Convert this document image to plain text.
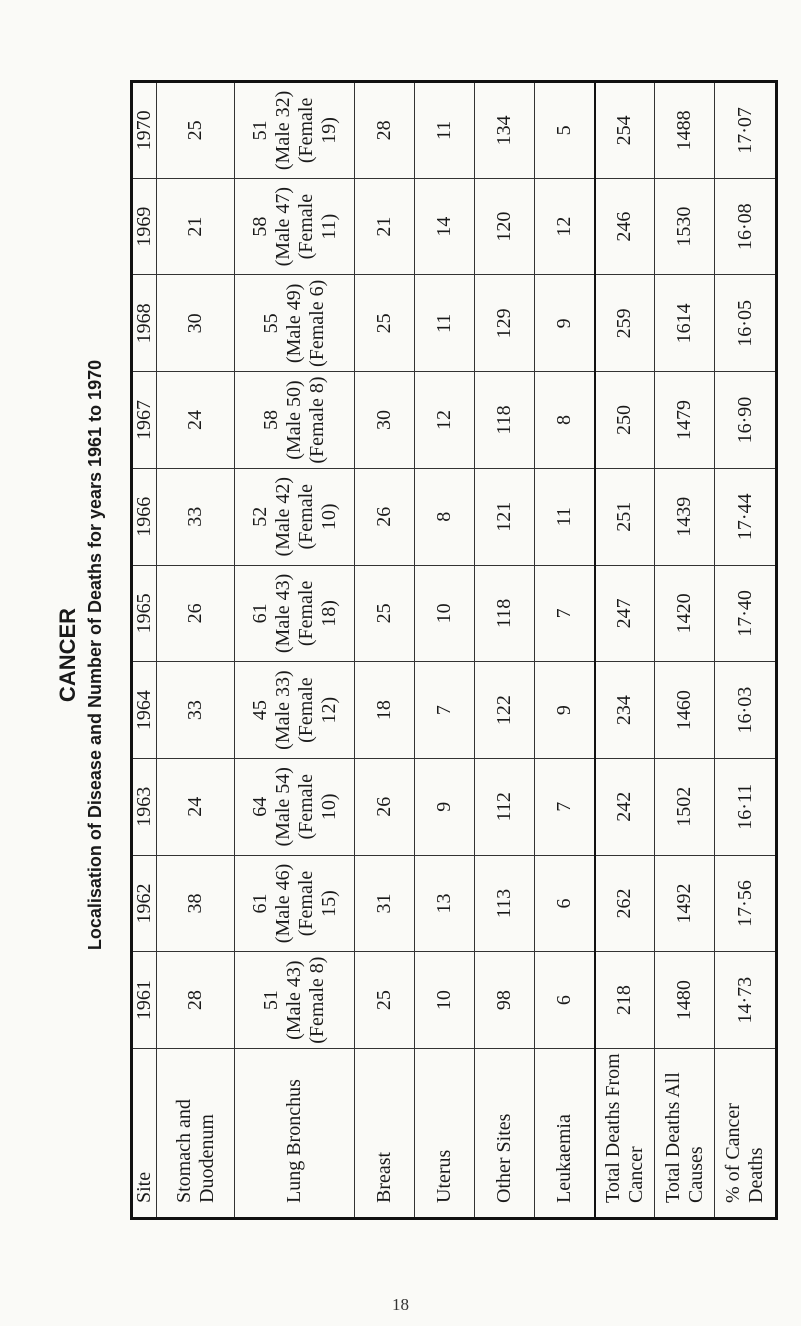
CANCER Localisation of Disease and Number of Deaths for years 1961 to 1970

Site	1961	1962	1963	1964	1965	1966	1967	1968	1969	1970
Stomach and Duodenum	28	38	24	33	26	33	24	30	21	25
Lung Bronchus	51 (Male 43) (Female 8)	61 (Male 46) (Female 15)	64 (Male 54) (Female 10)	45 (Male 33) (Female 12)	61 (Male 43) (Female 18)	52 (Male 42) (Female 10)	58 (Male 50) (Female 8)	55 (Male 49) (Female 6)	58 (Male 47) (Female 11)	51 (Male 32) (Female 19)

Breast	25	31	26	18	25	26	30	25	21	28
Uterus	10	13	9	7	10	8	12	11	14	11
Other Sites	98	113	112	122	118	121	118	129	120	134
Leukaemia	6	6	7	9	7	11	8	9	12	5
Total Deaths From Cancer	218	262	242	234	247	251	250	259	246	254
Total Deaths All Causes	1480	1492	1502	1460	1420	1439	1479	1614	1530	1488
% of Cancer Deaths	14·73	17·56	16·11	16·03	17·40	17·44	16·90	16·05	16·08	17·07
18
